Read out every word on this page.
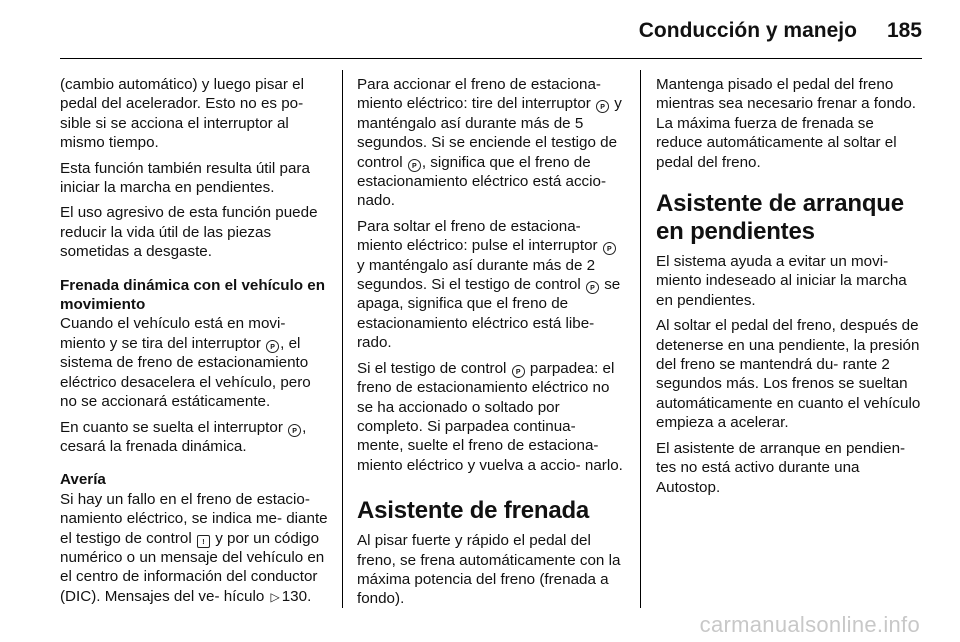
Conducción y manejo 185

(cambio automático) y luego pisar el pedal del acelerador. Esto no es po- sible si se acciona el interruptor al mismo tiempo.

Esta función también resulta útil para iniciar la marcha en pendientes.

El uso agresivo de esta función puede reducir la vida útil de las piezas sometidas a desgaste.

Frenada dinámica con el vehículo en movimiento

Cuando el vehículo está en movi- miento y se tira del interruptor P , el sistema de freno de estacionamiento eléctrico desacelera el vehículo, pero no se accionará estáticamente.

En cuanto se suelta el interruptor P , cesará la frenada dinámica.

Avería

Si hay un fallo en el freno de estacio- namiento eléctrico, se indica me- diante el testigo de control ! y por un código numérico o un mensaje del vehículo en el centro de información del conductor (DIC). Mensajes del ve- hículo ▷ 130.

Para accionar el freno de estaciona- miento eléctrico: tire del interruptor P y manténgalo así durante más de 5 segundos. Si se enciende el testigo de control P , significa que el freno de estacionamiento eléctrico está accio- nado.

Para soltar el freno de estaciona- miento eléctrico: pulse el interruptor P y manténgalo así durante más de 2 segundos. Si el testigo de control P se apaga, significa que el freno de estacionamiento eléctrico está libe- rado.

Si el testigo de control P parpadea: el freno de estacionamiento eléctrico no se ha accionado o soltado por completo. Si parpadea continua- mente, suelte el freno de estaciona- miento eléctrico y vuelva a accio- narlo.

Asistente de frenada

Al pisar fuerte y rápido el pedal del freno, se frena automáticamente con la máxima potencia del freno (frenada a fondo).

Mantenga pisado el pedal del freno mientras sea necesario frenar a fondo. La máxima fuerza de frenada se reduce automáticamente al soltar el pedal del freno.

Asistente de arranque en pendientes

El sistema ayuda a evitar un movi- miento indeseado al iniciar la marcha en pendientes.

Al soltar el pedal del freno, después de detenerse en una pendiente, la presión del freno se mantendrá du- rante 2 segundos más. Los frenos se sueltan automáticamente en cuanto el vehículo empieza a acelerar.

El asistente de arranque en pendien- tes no está activo durante una Autostop.

carmanualsonline.info
